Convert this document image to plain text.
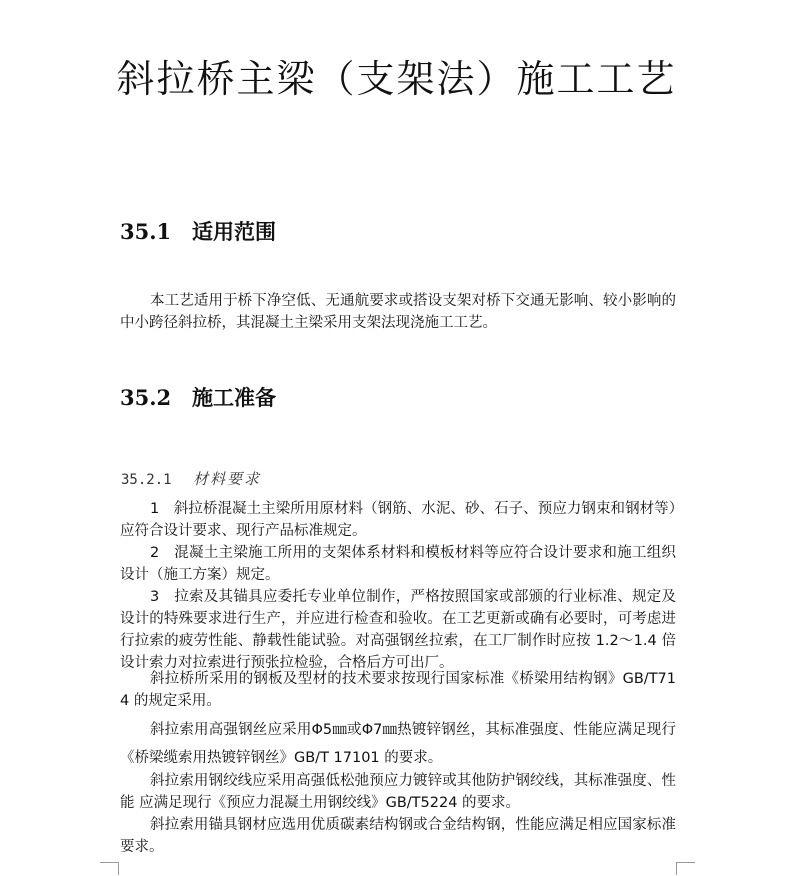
斜拉桥主梁（支架法）施工工艺
35.1 适用范围
本工艺适用于桥下净空低、无通航要求或搭设支架对桥下交通无影响、较小影响的中小跨径斜拉桥，其混凝土主梁采用支架法现浇施工工艺。
35.2 施工准备
35.2.1 材料要求
1　斜拉桥混凝土主梁所用原材料（钢筋、水泥、砂、石子、预应力钢束和钢材等）应符合设计要求、现行产品标准规定。
2　混凝土主梁施工所用的支架体系材料和模板材料等应符合设计要求和施工组织设计（施工方案）规定。
3　拉索及其锚具应委托专业单位制作，严格按照国家或部颁的行业标准、规定及设计的特殊要求进行生产，并应进行检查和验收。在工艺更新或确有必要时，可考虑进行拉索的疲劳性能、静载性能试验。对高强钢丝拉索，在工厂制作时应按 1.2～1.4 倍设计索力对拉索进行预张拉检验，合格后方可出厂。
斜拉桥所采用的钢板及型材的技术要求按现行国家标准《桥梁用结构钢》GB/T714 的规定采用。
斜拉索用高强钢丝应采用Φ5㎜或Φ7㎜热镀锌钢丝，其标准强度、性能应满足现行《桥梁缆索用热镀锌钢丝》GB/T 17101 的要求。
斜拉索用钢绞线应采用高强低松弛预应力镀锌或其他防护钢绞线，其标准强度、性能 应满足现行《预应力混凝土用钢绞线》GB/T5224 的要求。
斜拉索用锚具钢材应选用优质碳素结构钢或合金结构钢，性能应满足相应国家标准要求。
